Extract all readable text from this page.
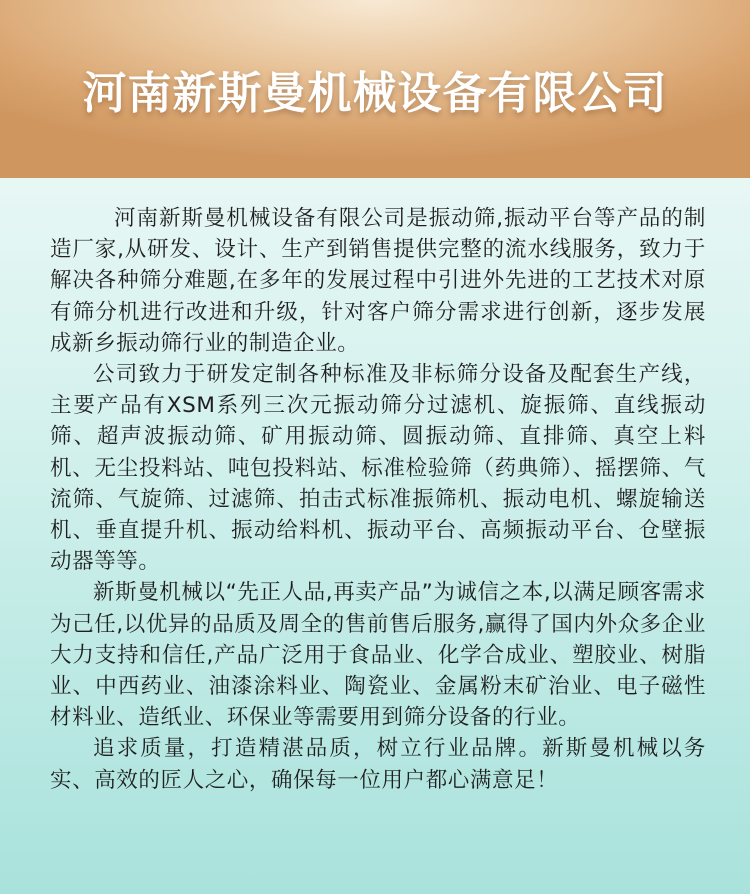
河南新斯曼机械设备有限公司

河南新斯曼机械设备有限公司是振动筛,振动平台等产品的制造厂家,从研发、设计、生产到销售提供完整的流水线服务，致力于解决各种筛分难题,在多年的发展过程中引进外先进的工艺技术对原有筛分机进行改进和升级，针对客户筛分需求进行创新，逐步发展成新乡振动筛行业的制造企业。

公司致力于研发定制各种标准及非标筛分设备及配套生产线，主要产品有XSM系列三次元振动筛分过滤机、旋振筛、直线振动筛、超声波振动筛、矿用振动筛、圆振动筛、直排筛、真空上料机、无尘投料站、吨包投料站、标准检验筛（药典筛）、摇摆筛、气流筛、气旋筛、过滤筛、拍击式标准振筛机、振动电机、螺旋输送机、垂直提升机、振动给料机、振动平台、高频振动平台、仓壁振动器等等。

新斯曼机械以“先正人品,再卖产品”为诚信之本,以满足顾客需求为己任,以优异的品质及周全的售前售后服务,赢得了国内外众多企业大力支持和信任,产品广泛用于食品业、化学合成业、塑胶业、树脂业、中西药业、油漆涂料业、陶瓷业、金属粉末矿治业、电子磁性材料业、造纸业、环保业等需要用到筛分设备的行业。

追求质量，打造精湛品质，树立行业品牌。新斯曼机械以务实、高效的匠人之心，确保每一位用户都心满意足！
